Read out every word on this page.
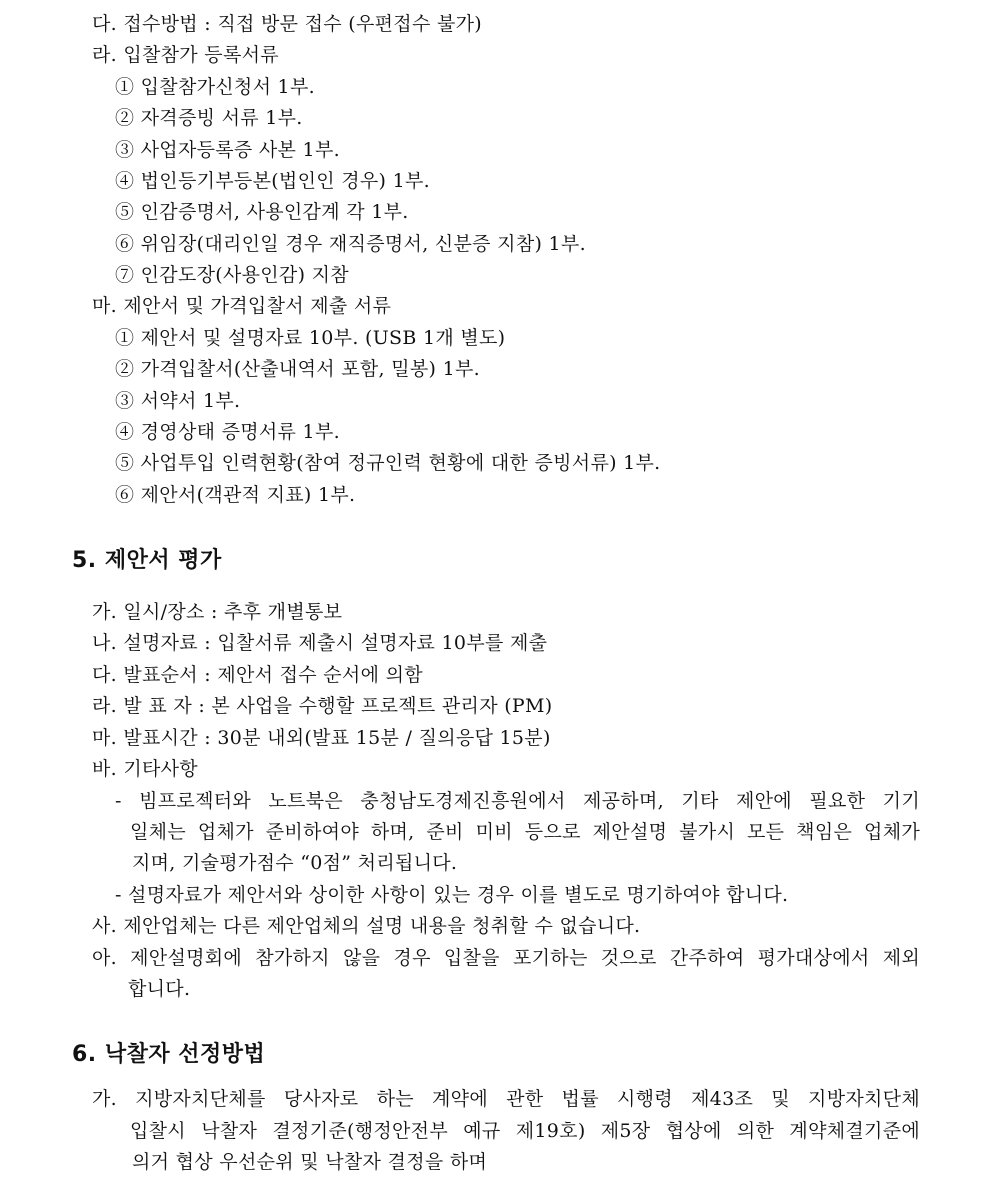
다. 접수방법 : 직접 방문 접수 (우편접수 불가)
라. 입찰참가 등록서류
① 입찰참가신청서 1부.
② 자격증빙 서류 1부.
③ 사업자등록증 사본 1부.
④ 법인등기부등본(법인인 경우) 1부.
⑤ 인감증명서, 사용인감계 각 1부.
⑥ 위임장(대리인일 경우 재직증명서, 신분증 지참) 1부.
⑦ 인감도장(사용인감) 지참
마. 제안서 및 가격입찰서 제출 서류
① 제안서 및 설명자료 10부. (USB 1개 별도)
② 가격입찰서(산출내역서 포함, 밀봉) 1부.
③ 서약서 1부.
④ 경영상태 증명서류 1부.
⑤ 사업투입 인력현황(참여 정규인력 현황에 대한 증빙서류) 1부.
⑥ 제안서(객관적 지표) 1부.
5. 제안서 평가
가. 일시/장소 : 추후 개별통보
나. 설명자료 : 입찰서류 제출시 설명자료 10부를 제출
다. 발표순서 : 제안서 접수 순서에 의함
라. 발 표 자 : 본 사업을 수행할 프로젝트 관리자 (PM)
마. 발표시간 : 30분 내외(발표 15분 / 질의응답 15분)
바. 기타사항
- 빔프로젝터와 노트북은 충청남도경제진흥원에서 제공하며, 기타 제안에 필요한 기기
일체는 업체가 준비하여야 하며, 준비 미비 등으로 제안설명 불가시 모든 책임은 업체가
지며, 기술평가점수 “0점” 처리됩니다.
- 설명자료가 제안서와 상이한 사항이 있는 경우 이를 별도로 명기하여야 합니다.
사. 제안업체는 다른 제안업체의 설명 내용을 청취할 수 없습니다.
아. 제안설명회에 참가하지 않을 경우 입찰을 포기하는 것으로 간주하여 평가대상에서 제외
합니다.
6. 낙찰자 선정방법
가. 지방자치단체를 당사자로 하는 계약에 관한 법률 시행령 제43조 및 지방자치단체
입찰시 낙찰자 결정기준(행정안전부 예규 제19호) 제5장 협상에 의한 계약체결기준에
의거 협상 우선순위 및 낙찰자 결정을 하며
